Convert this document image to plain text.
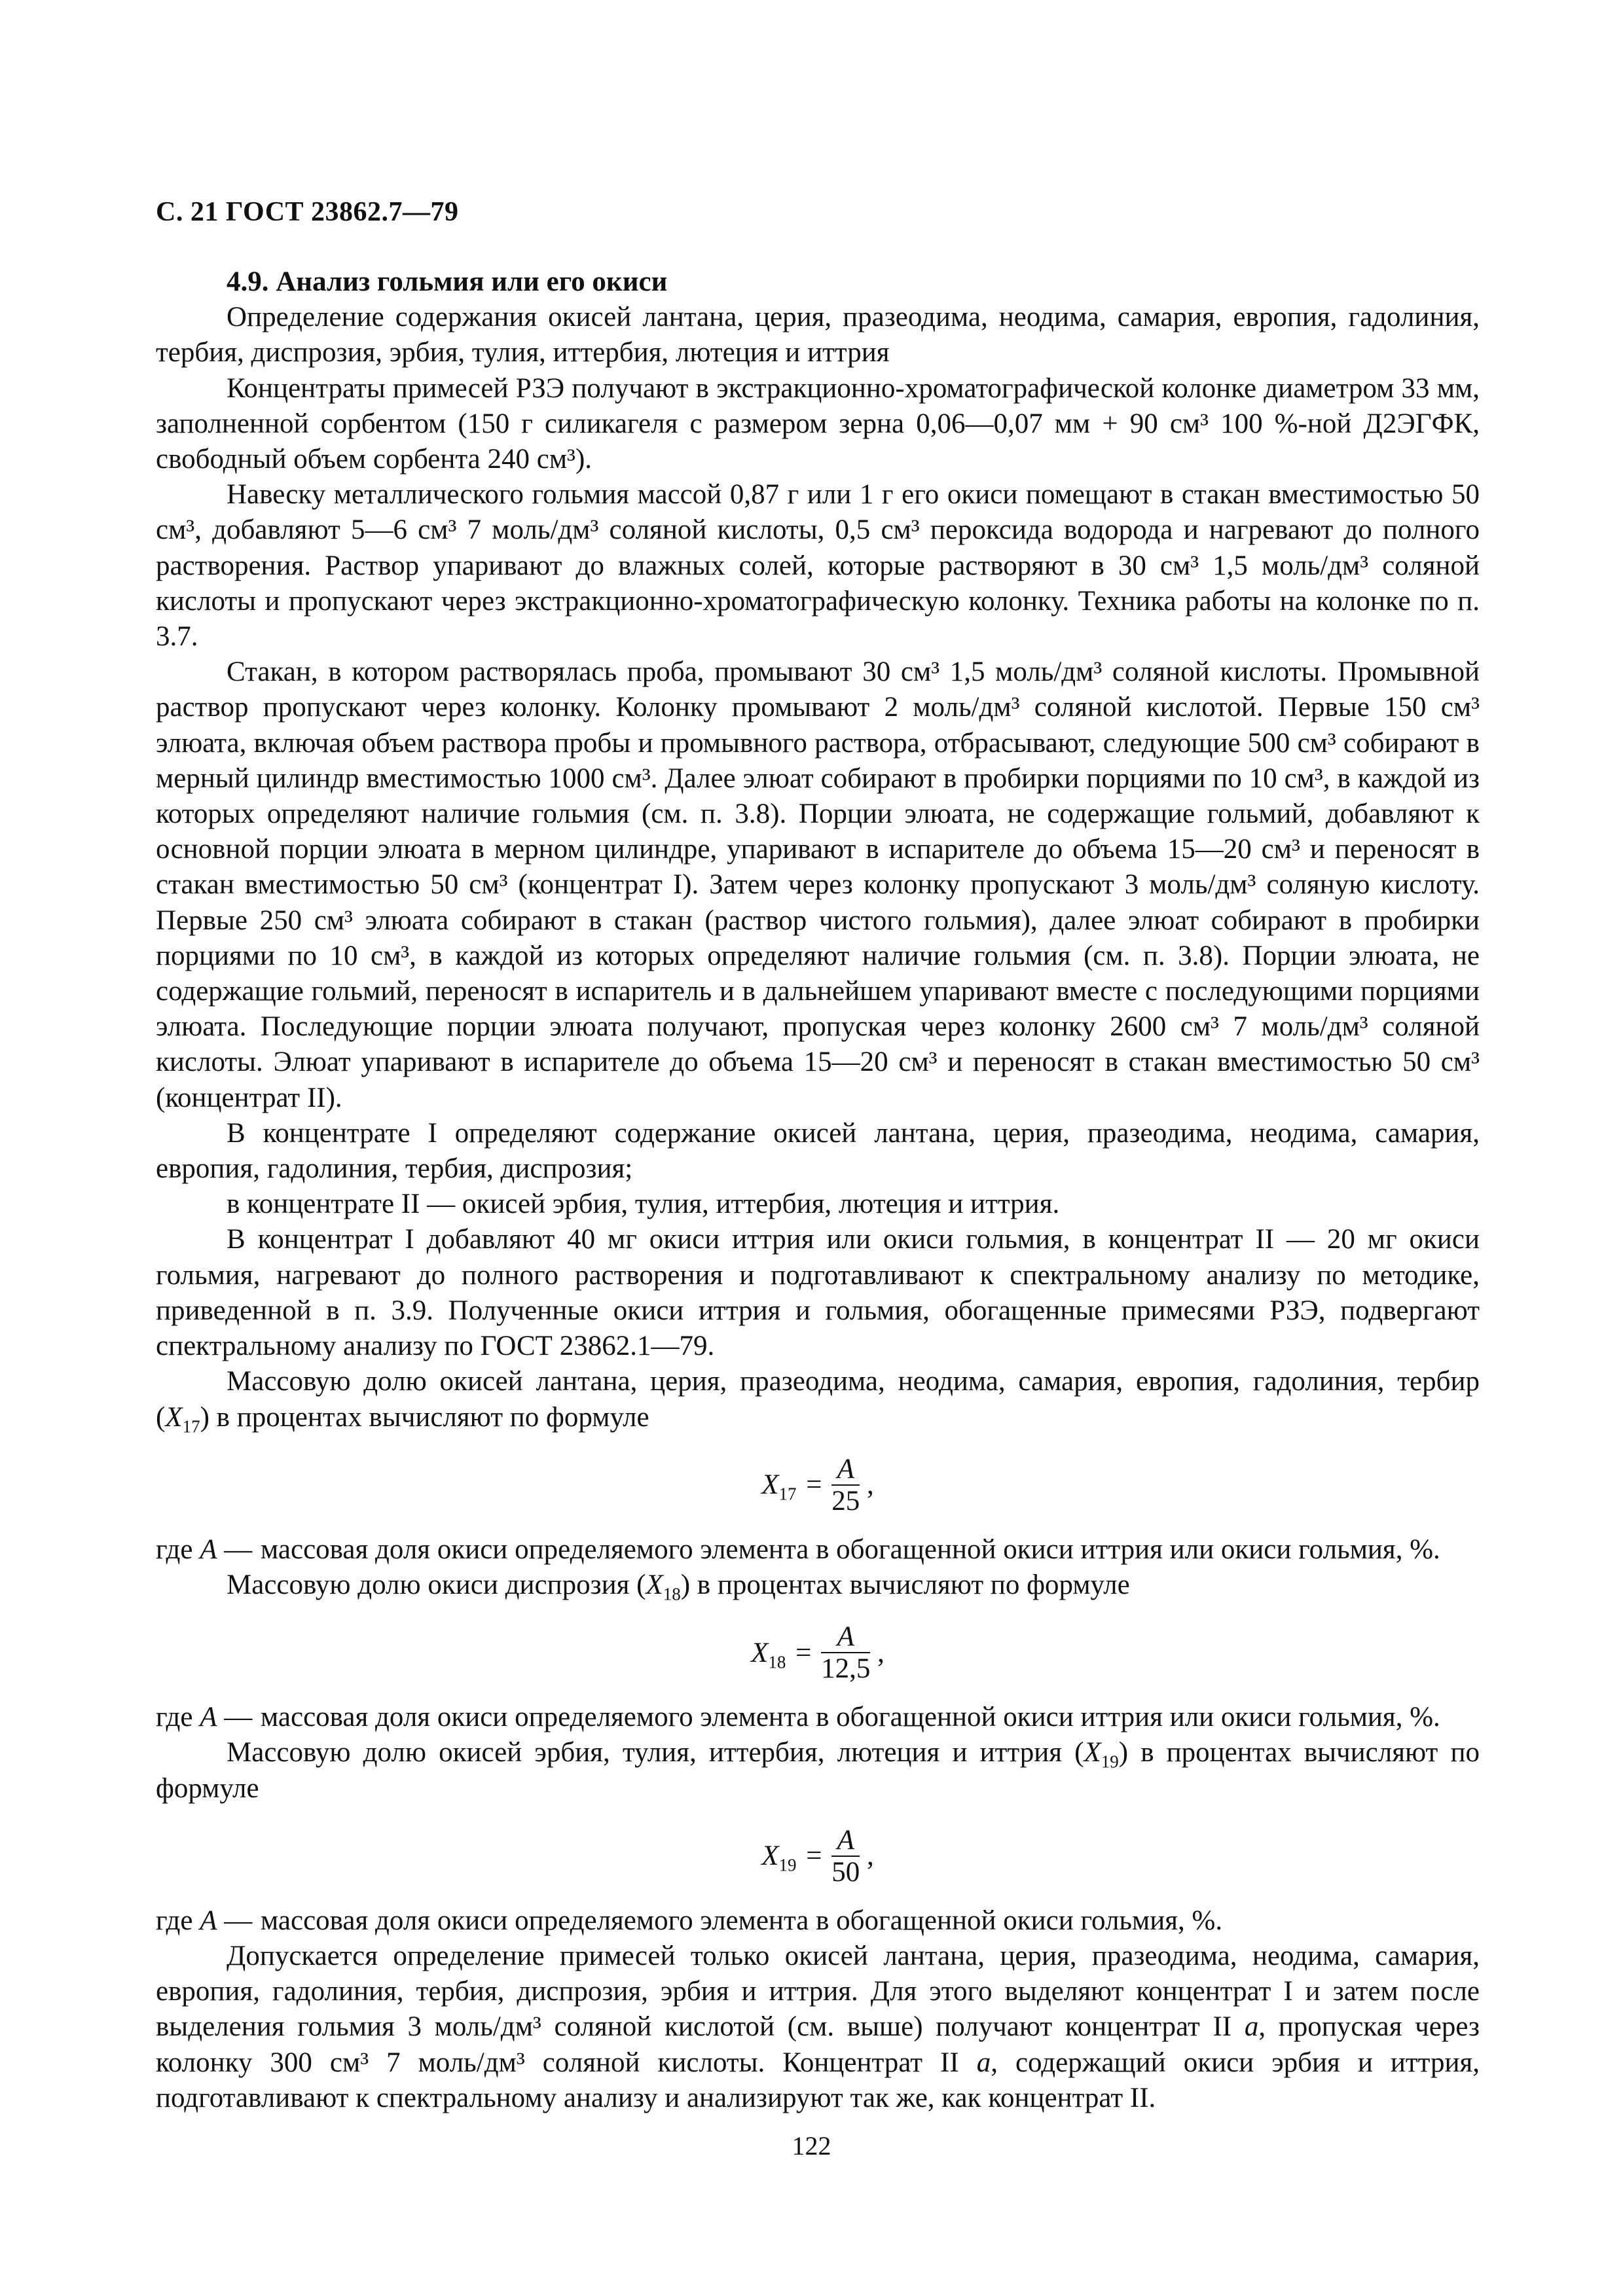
С. 21 ГОСТ 23862.7—79

4.9. Анализ гольмия или его окиси

Определение содержания окисей лантана, церия, празеодима, неодима, самария, европия, гадолиния, тербия, диспрозия, эрбия, тулия, иттербия, лютеция и иттрия

Концентраты примесей РЗЭ получают в экстракционно-хроматографической колонке диаметром 33 мм, заполненной сорбентом (150 г силикагеля с размером зерна 0,06—0,07 мм + 90 см³ 100 %-ной Д2ЭГФК, свободный объем сорбента 240 см³).

Навеску металлического гольмия массой 0,87 г или 1 г его окиси помещают в стакан вместимостью 50 см³, добавляют 5—6 см³ 7 моль/дм³ соляной кислоты, 0,5 см³ пероксида водорода и нагревают до полного растворения. Раствор упаривают до влажных солей, которые растворяют в 30 см³ 1,5 моль/дм³ соляной кислоты и пропускают через экстракционно-хроматографическую колонку. Техника работы на колонке по п. 3.7.

Стакан, в котором растворялась проба, промывают 30 см³ 1,5 моль/дм³ соляной кислоты. Промывной раствор пропускают через колонку. Колонку промывают 2 моль/дм³ соляной кислотой. Первые 150 см³ элюата, включая объем раствора пробы и промывного раствора, отбрасывают, следующие 500 см³ собирают в мерный цилиндр вместимостью 1000 см³. Далее элюат собирают в пробирки порциями по 10 см³, в каждой из которых определяют наличие гольмия (см. п. 3.8). Порции элюата, не содержащие гольмий, добавляют к основной порции элюата в мерном цилиндре, упаривают в испарителе до объема 15—20 см³ и переносят в стакан вместимостью 50 см³ (концентрат I). Затем через колонку пропускают 3 моль/дм³ соляную кислоту. Первые 250 см³ элюата собирают в стакан (раствор чистого гольмия), далее элюат собирают в пробирки порциями по 10 см³, в каждой из которых определяют наличие гольмия (см. п. 3.8). Порции элюата, не содержащие гольмий, переносят в испаритель и в дальнейшем упаривают вместе с последующими порциями элюата. Последующие порции элюата получают, пропуская через колонку 2600 см³ 7 моль/дм³ соляной кислоты. Элюат упаривают в испарителе до объема 15—20 см³ и переносят в стакан вместимостью 50 см³ (концентрат II).

В концентрате I определяют содержание окисей лантана, церия, празеодима, неодима, самария, европия, гадолиния, тербия, диспрозия;

в концентрате II — окисей эрбия, тулия, иттербия, лютеция и иттрия.

В концентрат I добавляют 40 мг окиси иттрия или окиси гольмия, в концентрат II — 20 мг окиси гольмия, нагревают до полного растворения и подготавливают к спектральному анализу по методике, приведенной в п. 3.9. Полученные окиси иттрия и гольмия, обогащенные примесями РЗЭ, подвергают спектральному анализу по ГОСТ 23862.1—79.

Массовую долю окисей лантана, церия, празеодима, неодима, самария, европия, гадолиния, тербир $(X_{17})$ в процентах вычисляют по формуле

$X_{17} = \frac{A}{25}$ ,
где A — массовая доля окиси определяемого элемента в обогащенной окиси иттрия или окиси гольмия, %.

Массовую долю окиси диспрозия $(X_{18})$ в процентах вычисляют по формуле

$X_{18} = \frac{A}{12,5}$ ,
где A — массовая доля окиси определяемого элемента в обогащенной окиси иттрия или окиси гольмия, %.

Массовую долю окисей эрбия, тулия, иттербия, лютеция и иттрия $(X_{19})$ в процентах вычисляют по формуле

$X_{19} = \frac{A}{50}$ ,
где A — массовая доля окиси определяемого элемента в обогащенной окиси гольмия, %.

Допускается определение примесей только окисей лантана, церия, празеодима, неодима, самария, европия, гадолиния, тербия, диспрозия, эрбия и иттрия. Для этого выделяют концентрат I и затем после выделения гольмия 3 моль/дм³ соляной кислотой (см. выше) получают концентрат II а, пропуская через колонку 300 см³ 7 моль/дм³ соляной кислоты. Концентрат II а, содержащий окиси эрбия и иттрия, подготавливают к спектральному анализу и анализируют так же, как концентрат II.

122
